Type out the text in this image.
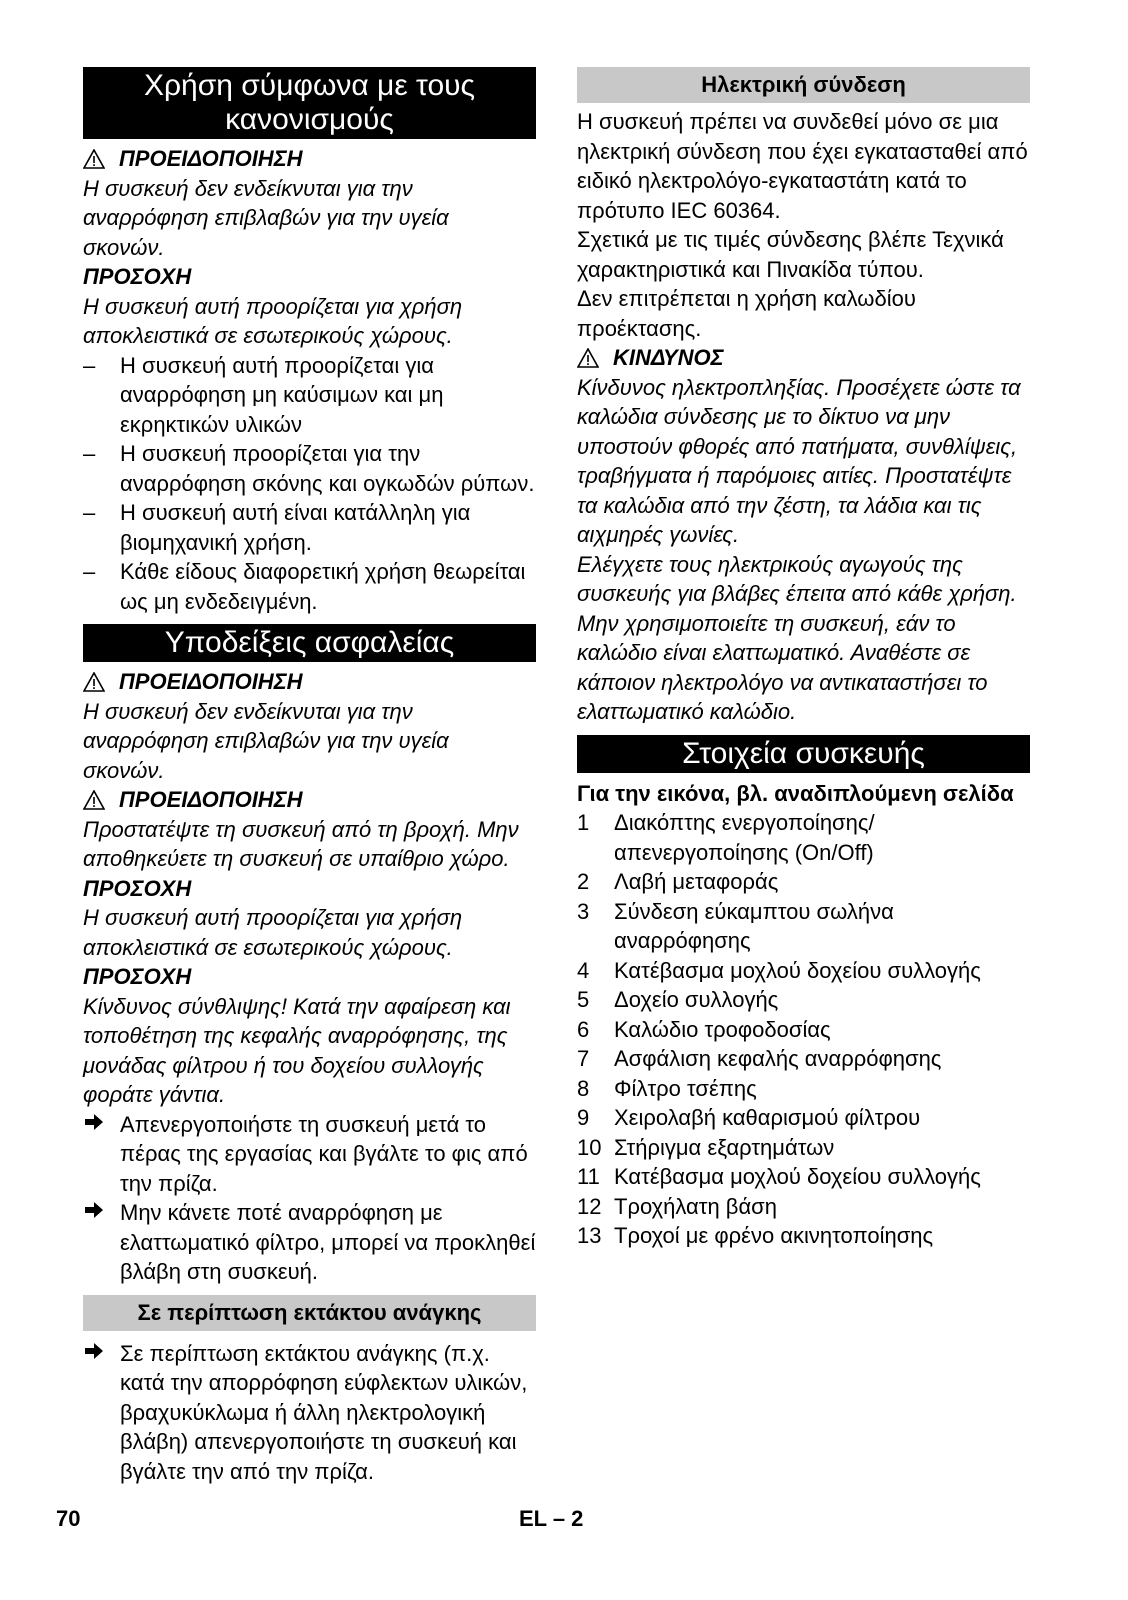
Χρήση σύμφωνα με τους κανονισμούς
ΠΡΟΕΙΔΟΠΟΙΗΣΗ

Η συσκευή δεν ενδείκνυται για την αναρρόφηση επιβλαβών για την υγεία σκονών.

ΠΡΟΣΟΧΗ

Η συσκευή αυτή προορίζεται για χρήση αποκλειστικά σε εσωτερικούς χώρους.

–	Η συσκευή αυτή προορίζεται για αναρρόφηση μη καύσιμων και μη εκρηκτικών υλικών
–	Η συσκευή προορίζεται για την αναρρόφηση σκόνης και ογκωδών ρύπων.
–	Η συσκευή αυτή είναι κατάλληλη για βιομηχανική χρήση.
–	Κάθε είδους διαφορετική χρήση θεωρείται ως μη ενδεδειγμένη.
Υποδείξεις ασφαλείας
ΠΡΟΕΙΔΟΠΟΙΗΣΗ

Η συσκευή δεν ενδείκνυται για την αναρρόφηση επιβλαβών για την υγεία σκονών.

ΠΡΟΕΙΔΟΠΟΙΗΣΗ

Προστατέψτε τη συσκευή από τη βροχή. Μην αποθηκεύετε τη συσκευή σε υπαίθριο χώρο.

ΠΡΟΣΟΧΗ

Η συσκευή αυτή προορίζεται για χρήση αποκλειστικά σε εσωτερικούς χώρους.

ΠΡΟΣΟΧΗ

Κίνδυνος σύνθλιψης! Κατά την αφαίρεση και τοποθέτηση της κεφαλής αναρρόφησης, της μονάδας φίλτρου ή του δοχείου συλλογής φοράτε γάντια.

Απενεργοποιήστε τη συσκευή μετά το πέρας της εργασίας και βγάλτε το φις από την πρίζα.
Μην κάνετε ποτέ αναρρόφηση με ελαττωματικό φίλτρο, μπορεί να προκληθεί βλάβη στη συσκευή.
Σε περίπτωση εκτάκτου ανάγκης
Σε περίπτωση εκτάκτου ανάγκης (π.χ. κατά την απορρόφηση εύφλεκτων υλικών, βραχυκύκλωμα ή άλλη ηλεκτρολογική βλάβη) απενεργοποιήστε τη συσκευή και βγάλτε την από την πρίζα.
Ηλεκτρική σύνδεση

Η συσκευή πρέπει να συνδεθεί μόνο σε μια ηλεκτρική σύνδεση που έχει εγκατασταθεί από ειδικό ηλεκτρολόγο-εγκαταστάτη κατά το πρότυπο IEC 60364.

Σχετικά με τις τιμές σύνδεσης βλέπε Τεχνικά χαρακτηριστικά και Πινακίδα τύπου.

Δεν επιτρέπεται η χρήση καλωδίου προέκτασης.

ΚΙΝΔΥΝΟΣ

Κίνδυνος ηλεκτροπληξίας. Προσέχετε ώστε τα καλώδια σύνδεσης με το δίκτυο να μην υποστούν φθορές από πατήματα, συνθλίψεις, τραβήγματα ή παρόμοιες αιτίες. Προστατέψτε τα καλώδια από την ζέστη, τα λάδια και τις αιχμηρές γωνίες.

Ελέγχετε τους ηλεκτρικούς αγωγούς της συσκευής για βλάβες έπειτα από κάθε χρήση. Μην χρησιμοποιείτε τη συσκευή, εάν το καλώδιο είναι ελαττωματικό. Αναθέστε σε κάποιον ηλεκτρολόγο να αντικαταστήσει το ελαττωματικό καλώδιο.

Στοιχεία συσκευής

Για την εικόνα, βλ. αναδιπλούμενη σελίδα

1	Διακόπτης ενεργοποίησης/απενεργοποίησης (On/Off)
2	Λαβή μεταφοράς
3	Σύνδεση εύκαμπτου σωλήνα αναρρόφησης
4	Κατέβασμα μοχλού δοχείου συλλογής
5	Δοχείο συλλογής
6	Καλώδιο τροφοδοσίας
7	Ασφάλιση κεφαλής αναρρόφησης
8	Φίλτρο τσέπης
9	Χειρολαβή καθαρισμού φίλτρου
10 Στήριγμα εξαρτημάτων
11 Κατέβασμα μοχλού δοχείου συλλογής
12 Τροχήλατη βάση
13 Τροχοί με φρένο ακινητοποίησης
70	EL – 2
